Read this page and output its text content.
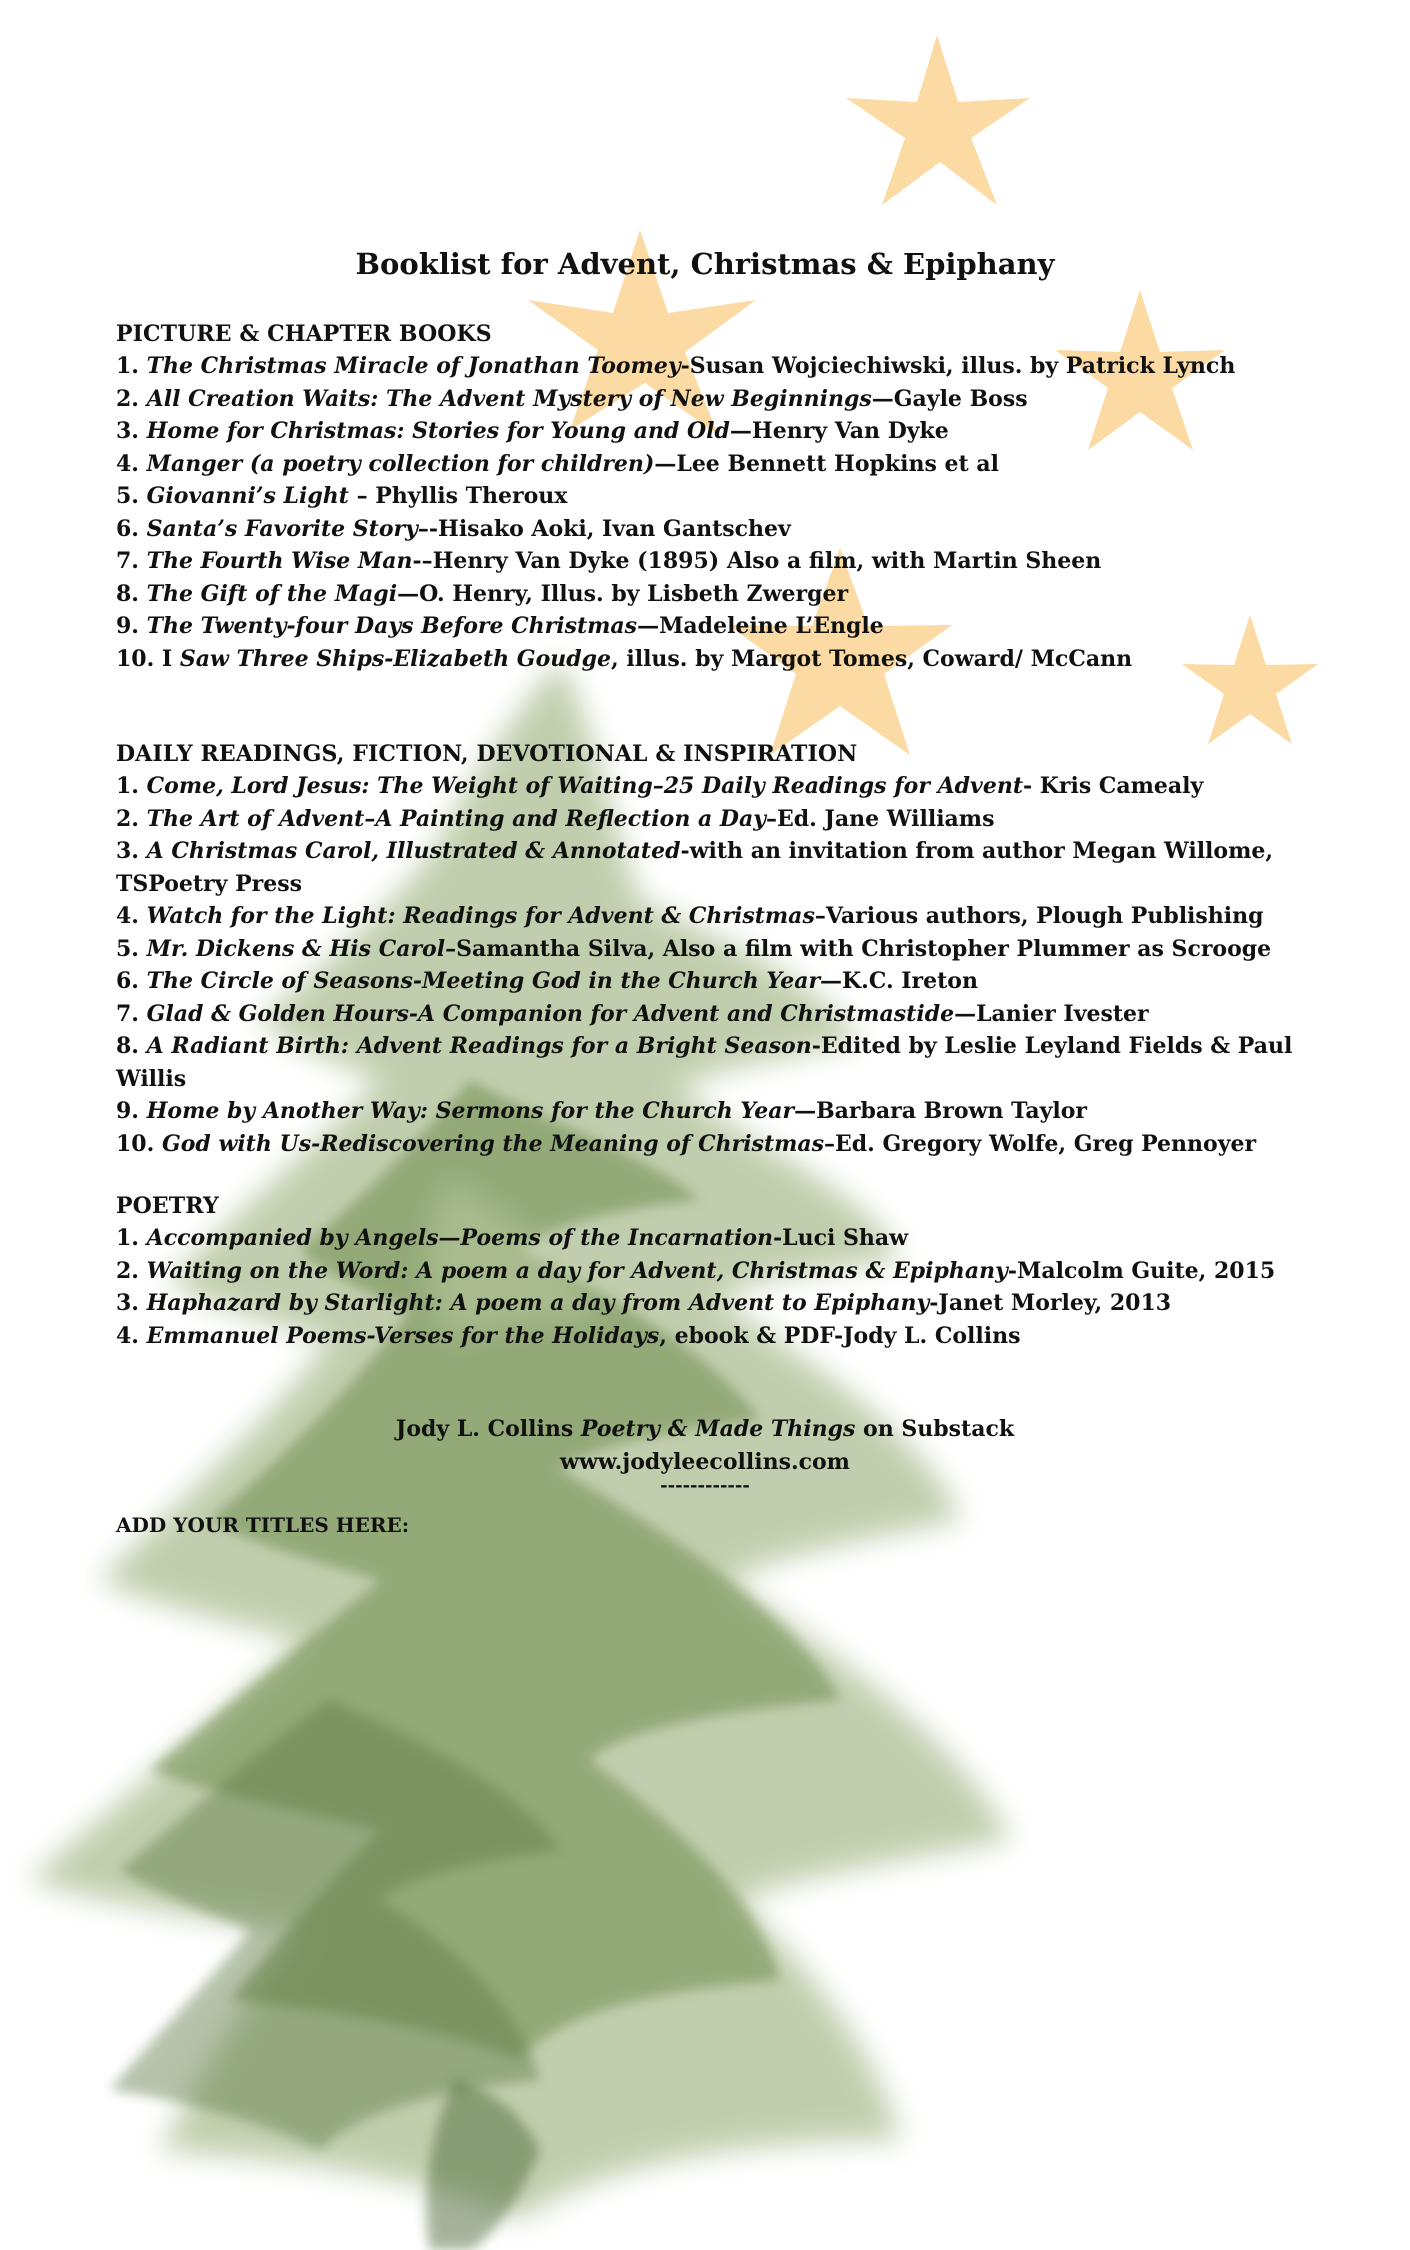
Booklist for Advent, Christmas & Epiphany

PICTURE & CHAPTER BOOKS

1. The Christmas Miracle of Jonathan Toomey-Susan Wojciechiwski, illus. by Patrick Lynch

2. All Creation Waits: The Advent Mystery of New Beginnings—Gayle Boss

3. Home for Christmas: Stories for Young and Old—Henry Van Dyke

4. Manger (a poetry collection for children)—Lee Bennett Hopkins et al

5. Giovanni’s Light – Phyllis Theroux

6. Santa’s Favorite Story–-Hisako Aoki, Ivan Gantschev

7. The Fourth Wise Man-–Henry Van Dyke (1895) Also a film, with Martin Sheen

8. The Gift of the Magi—O. Henry, Illus. by Lisbeth Zwerger

9. The Twenty-four Days Before Christmas—Madeleine L’Engle

10. I Saw Three Ships-Elizabeth Goudge, illus. by Margot Tomes, Coward/ McCann

DAILY READINGS, FICTION, DEVOTIONAL & INSPIRATION

1. Come, Lord Jesus: The Weight of Waiting–25 Daily Readings for Advent- Kris Camealy

2. The Art of Advent–A Painting and Reflection a Day–Ed. Jane Williams

3. A Christmas Carol, Illustrated & Annotated-with an invitation from author Megan Willome, TSPoetry Press

4. Watch for the Light: Readings for Advent & Christmas–Various authors, Plough Publishing

5. Mr. Dickens & His Carol–Samantha Silva, Also a film with Christopher Plummer as Scrooge

6. The Circle of Seasons-Meeting God in the Church Year—K.C. Ireton

7. Glad & Golden Hours-A Companion for Advent and Christmastide—Lanier Ivester

8. A Radiant Birth: Advent Readings for a Bright Season-Edited by Leslie Leyland Fields & Paul Willis

9. Home by Another Way: Sermons for the Church Year—Barbara Brown Taylor

10. God with Us-Rediscovering the Meaning of Christmas–Ed. Gregory Wolfe, Greg Pennoyer

POETRY

1. Accompanied by Angels—Poems of the Incarnation-Luci Shaw

2. Waiting on the Word: A poem a day for Advent, Christmas & Epiphany-Malcolm Guite, 2015

3. Haphazard by Starlight: A poem a day from Advent to Epiphany-Janet Morley, 2013

4. Emmanuel Poems-Verses for the Holidays, ebook & PDF-Jody L. Collins

Jody L. Collins Poetry & Made Things on Substack

www.jodyleecollins.com

------------

ADD YOUR TITLES HERE:
